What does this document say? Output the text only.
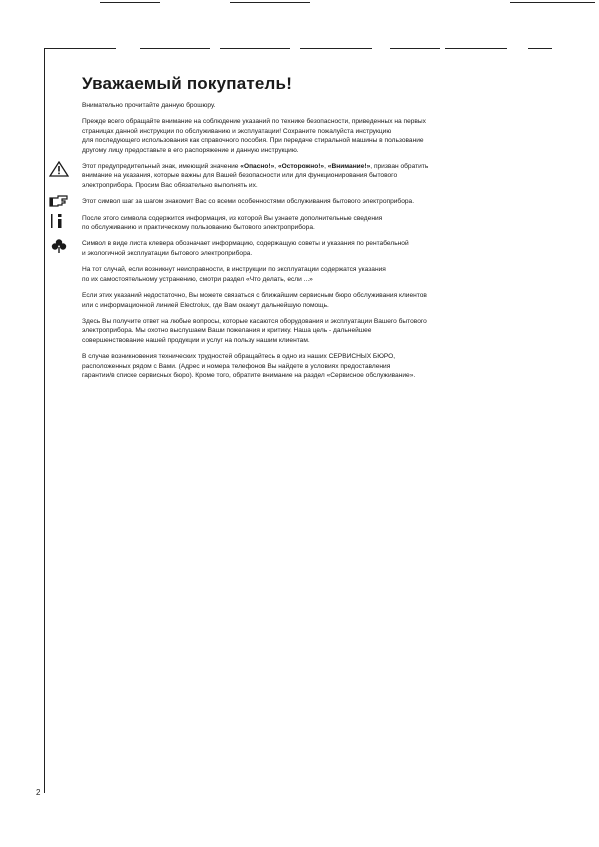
Уважаемый покупатель!
Внимательно прочитайте данную брошюру.
Прежде всего обращайте внимание на соблюдение указаний по технике безопасности, приведенных на первых
страницах данной инструкции по обслуживанию и эксплуатации! Сохраните пожалуйста инструкцию
для последующего использования как справочного пособия. При передаче стиральной машины в пользование
другому лицу предоставьте в его распоряжение и данную инструкцию.
Этот предупредительный знак, имеющий значение «Опасно!», «Осторожно!», «Внимание!», призван обратить
внимание на указания, которые важны для Вашей безопасности или для функционирования бытового
электроприбора. Просим Вас обязательно выполнять их.
Этот символ шаг за шагом знакомит Вас со всеми особенностями обслуживания бытового электроприбора.
После этого символа содержится информация, из которой Вы узнаете дополнительные сведения
по обслуживанию и практическому пользованию бытового электроприбора.
Символ в виде листа клевера обозначает информацию, содержащую советы и указания по рентабельной
и экологичной эксплуатации бытового электроприбора.
На тот случай, если возникнут неисправности, в инструкции по эксплуатации содержатся указания
по их самостоятельному устранению, смотри раздел «Что делать, если ...»
Если этих указаний недостаточно, Вы можете связаться с ближайшим сервисным бюро обслуживания клиентов
или с информационной линией Electrolux, где Вам окажут дальнейшую помощь.
Здесь Вы получите ответ на любые вопросы, которые касаются оборудования и эксплуатации Вашего бытового
электроприбора. Мы охотно выслушаем Ваши пожелания и критику. Наша цель - дальнейшее
совершенствование нашей продукции и услуг на пользу нашим клиентам.
В случае возникновения технических трудностей обращайтесь в одно из наших СЕРВИСНЫХ БЮРО,
расположенных рядом с Вами. (Адрес и номера телефонов Вы найдете в условиях предоставления
гарантии/в списке сервисных бюро). Кроме того, обратите внимание на раздел «Сервисное обслуживание».
2
